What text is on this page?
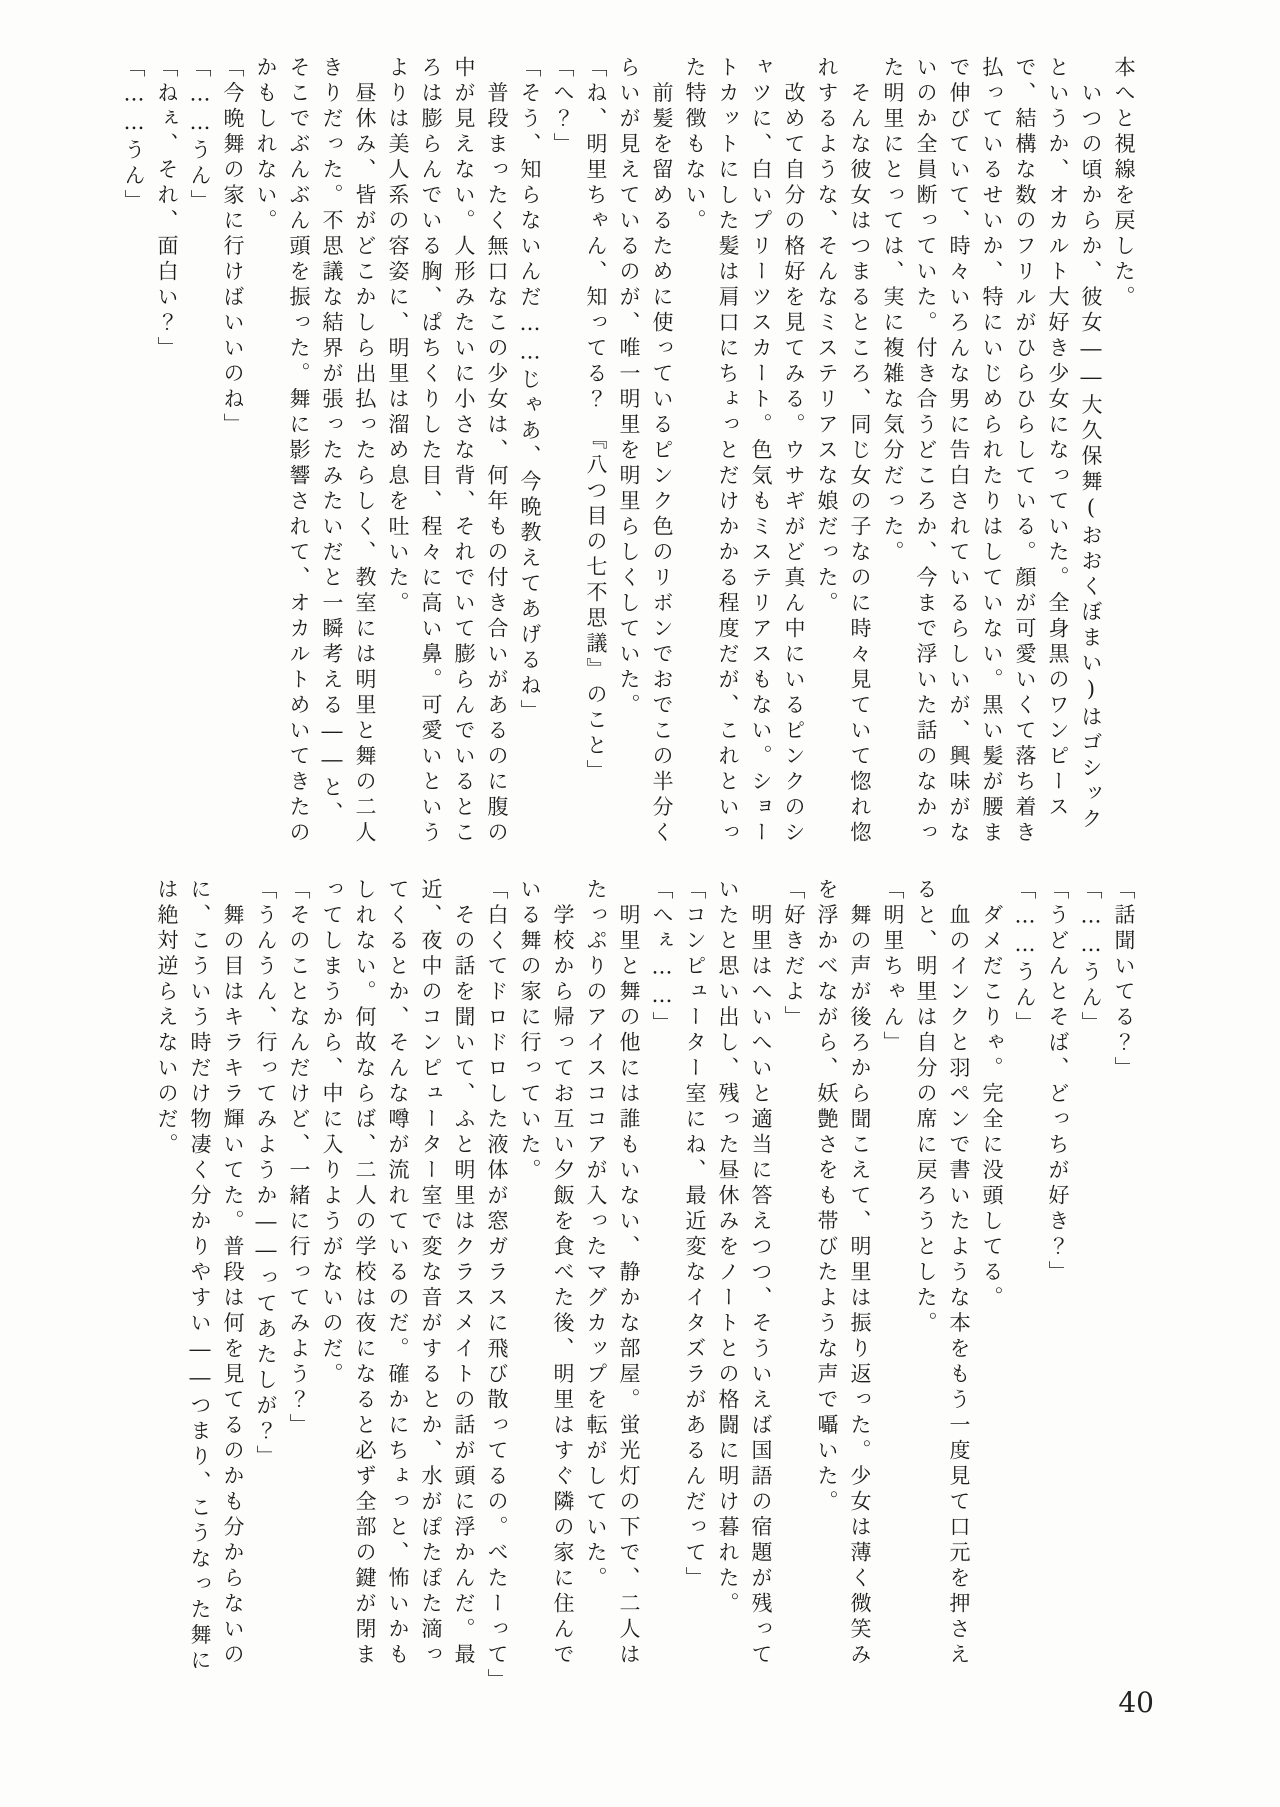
本へと視線を戻した。

　いつの頃からか、彼女――大久保舞(おおくぼまい)はゴシックというか、オカルト大好き少女になっていた。全身黒のワンピースで、結構な数のフリルがひらひらしている。顔が可愛いくて落ち着き払っているせいか、特にいじめられたりはしていない。黒い髪が腰まで伸びていて、時々いろんな男に告白されているらしいが、興味がないのか全員断っていた。付き合うどころか、今まで浮いた話のなかった明里にとっては、実に複雑な気分だった。

　そんな彼女はつまるところ、同じ女の子なのに時々見ていて惚れ惚れするような、そんなミステリアスな娘だった。

　改めて自分の格好を見てみる。ウサギがど真ん中にいるピンクのシャツに、白いプリーツスカート。色気もミステリアスもない。ショートカットにした髪は肩口にちょっとだけかかる程度だが、これといった特徴もない。

　前髪を留めるために使っているピンク色のリボンでおでこの半分くらいが見えているのが、唯一明里を明里らしくしていた。

「ね、明里ちゃん、知ってる？　『八つ目の七不思議』のこと」

「へ？」

「そう、知らないんだ……じゃあ、今晩教えてあげるね」

　普段まったく無口なこの少女は、何年もの付き合いがあるのに腹の中が見えない。人形みたいに小さな背、それでいて膨らんでいるところは膨らんでいる胸、ぱちくりした目、程々に高い鼻。可愛いというよりは美人系の容姿に、明里は溜め息を吐いた。

　昼休み、皆がどこかしら出払ったらしく、教室には明里と舞の二人きりだった。不思議な結界が張ったみたいだと一瞬考える――と、そこでぶんぶん頭を振った。舞に影響されて、オカルトめいてきたのかもしれない。

「今晩舞の家に行けばいいのね」

「……うん」

「ねぇ、それ、面白い？」

「……うん」

「話聞いてる？」

「……うん」

「うどんとそば、どっちが好き？」

「……うん」

　ダメだこりゃ。完全に没頭してる。

　血のインクと羽ペンで書いたような本をもう一度見て口元を押さえると、明里は自分の席に戻ろうとした。

「明里ちゃん」

　舞の声が後ろから聞こえて、明里は振り返った。少女は薄く微笑みを浮かべながら、妖艶さをも帯びたような声で囁いた。

「好きだよ」

　明里はへいへいと適当に答えつつ、そういえば国語の宿題が残っていたと思い出し、残った昼休みをノートとの格闘に明け暮れた。

「コンピューター室にね、最近変なイタズラがあるんだって」

「へぇ……」

　明里と舞の他には誰もいない、静かな部屋。蛍光灯の下で、二人はたっぷりのアイスココアが入ったマグカップを転がしていた。

　学校から帰ってお互い夕飯を食べた後、明里はすぐ隣の家に住んでいる舞の家に行っていた。

「白くてドロドロした液体が窓ガラスに飛び散ってるの。べたーって」

　その話を聞いて、ふと明里はクラスメイトの話が頭に浮かんだ。最近、夜中のコンピューター室で変な音がするとか、水がぽたぽた滴ってくるとか、そんな噂が流れているのだ。確かにちょっと、怖いかもしれない。何故ならば、二人の学校は夜になると必ず全部の鍵が閉まってしまうから、中に入りようがないのだ。

「そのことなんだけど、一緒に行ってみよう？」

「うんうん、行ってみようか――ってあたしが？」

　舞の目はキラキラ輝いてた。普段は何を見てるのかも分からないのに、こういう時だけ物凄く分かりやすい――つまり、こうなった舞には絶対逆らえないのだ。

40
